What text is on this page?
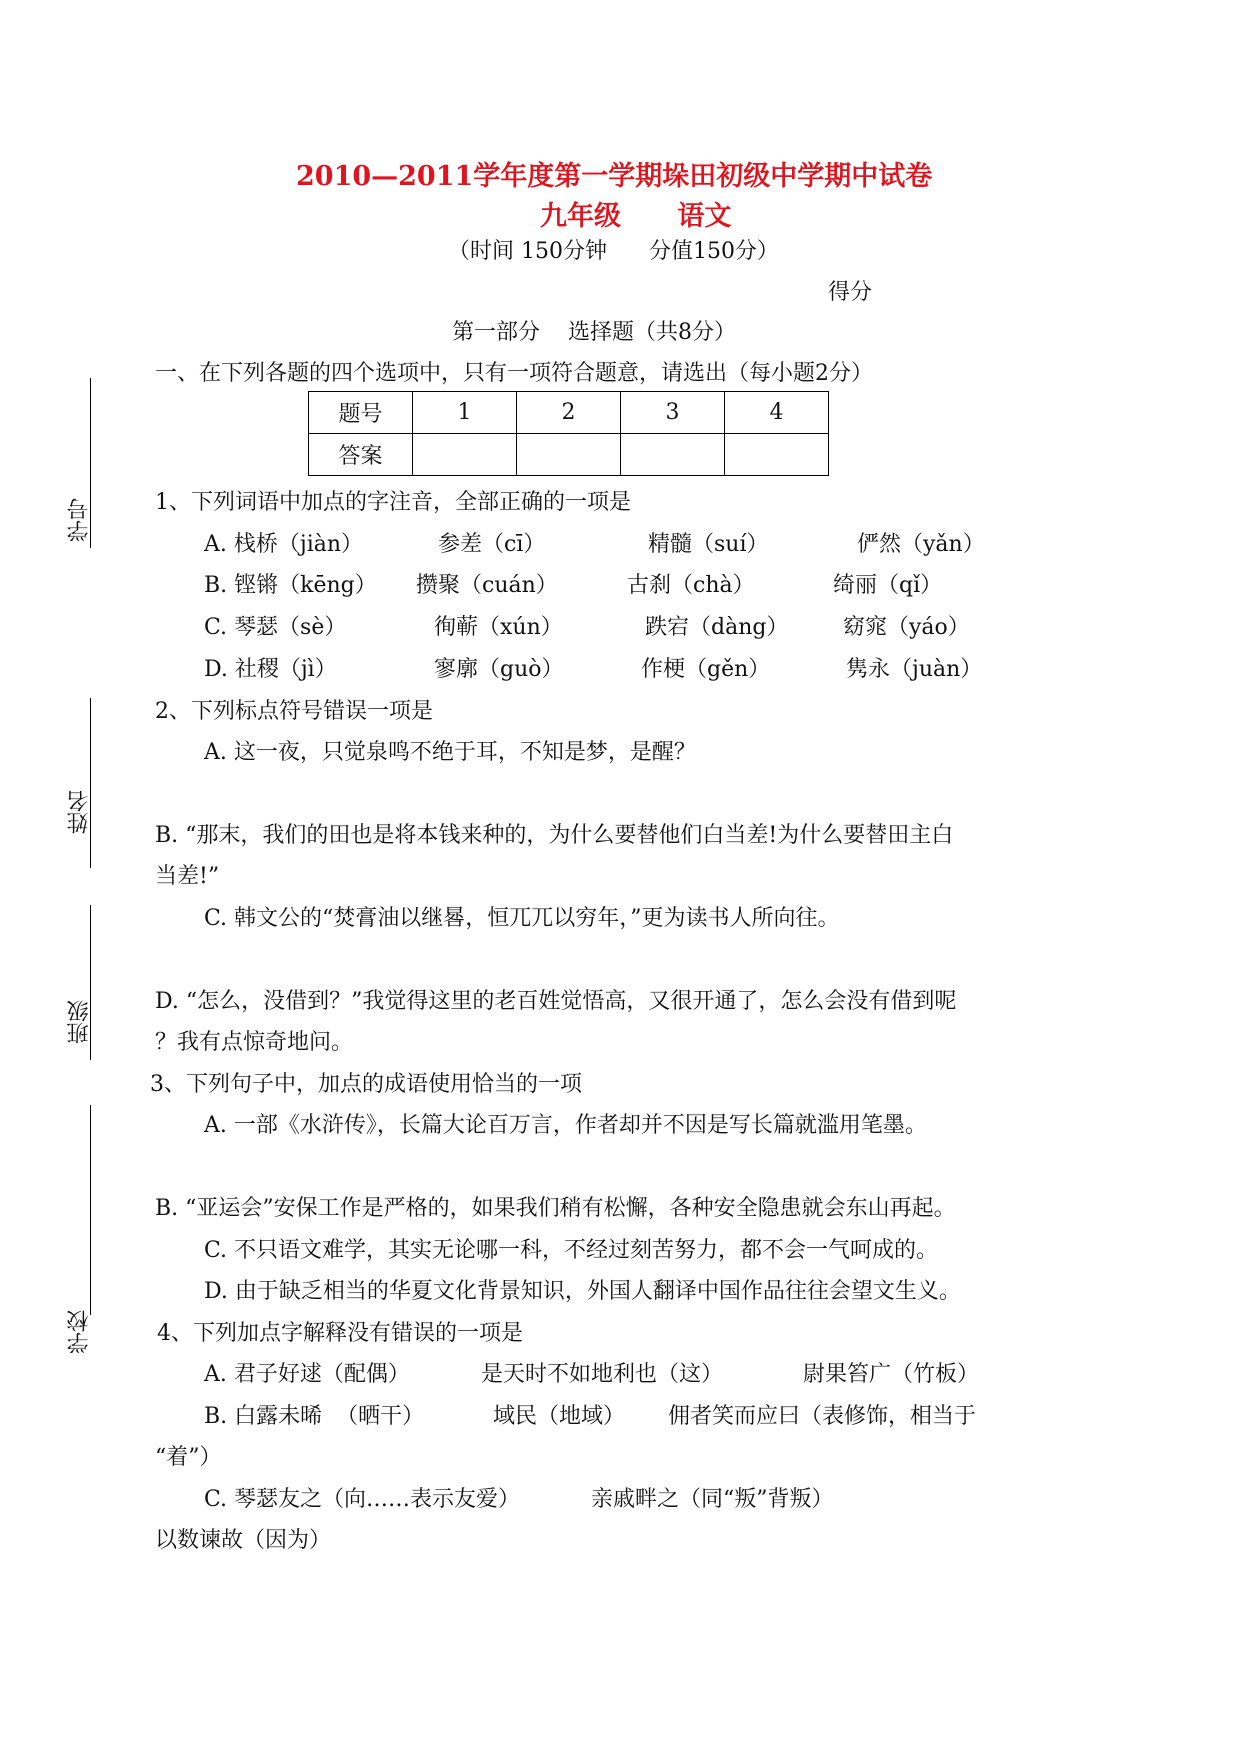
2010—2011学年度第一学期垛田初级中学期中试卷
九年级      语文
（时间 150分钟      分值150分）
得分
学号
姓名
班级
学校
第一部分    选择题（共8分）
一、在下列各题的四个选项中，只有一项符合题意，请选出（每小题2分）
题号	1	2	3	4
答案				
1、下列词语中加点的字注音，全部正确的一项是
A. 栈桥（jiàn）	参差（cī）	精髓（suí）	俨然（yǎn）
B. 铿锵（kēng） 攒聚（cuán）	古刹（chà）	绮丽（qǐ）
C. 琴瑟（sè）	徇蕲（xún）	跌宕（dàng） 窈窕（yáo）
D. 社稷（jì）	寥廓（guò）	作梗（gěn）	隽永（juàn）
2、下列标点符号错误一项是
A. 这一夜，只觉泉鸣不绝于耳，不知是梦，是醒？
B. “那末，我们的田也是将本钱来种的，为什么要替他们白当差!为什么要替田主白
当差!”
C. 韩文公的“焚膏油以继晷，恒兀兀以穷年，”更为读书人所向往。
D. “怎么，没借到？”我觉得这里的老百姓觉悟高，又很开通了，怎么会没有借到呢
？我有点惊奇地问。
3、下列句子中，加点的成语使用恰当的一项
A. 一部《水浒传》，长篇大论百万言，作者却并不因是写长篇就滥用笔墨。
B. “亚运会”安保工作是严格的，如果我们稍有松懈，各种安全隐患就会东山再起。
C. 不只语文难学，其实无论哪一科，不经过刻苦努力，都不会一气呵成的。
D. 由于缺乏相当的华夏文化背景知识，外国人翻译中国作品往往会望文生义。
4、下列加点字解释没有错误的一项是
A. 君子好逑（配偶）	是天时不如地利也（这）	尉果笞广（竹板）
B. 白露未晞  （晒干）	域民（地域） 佣者笑而应曰（表修饰，相当于
“着”）
C. 琴瑟友之（向……表示友爱）	亲戚畔之（同“叛”背叛）
以数谏故（因为）
